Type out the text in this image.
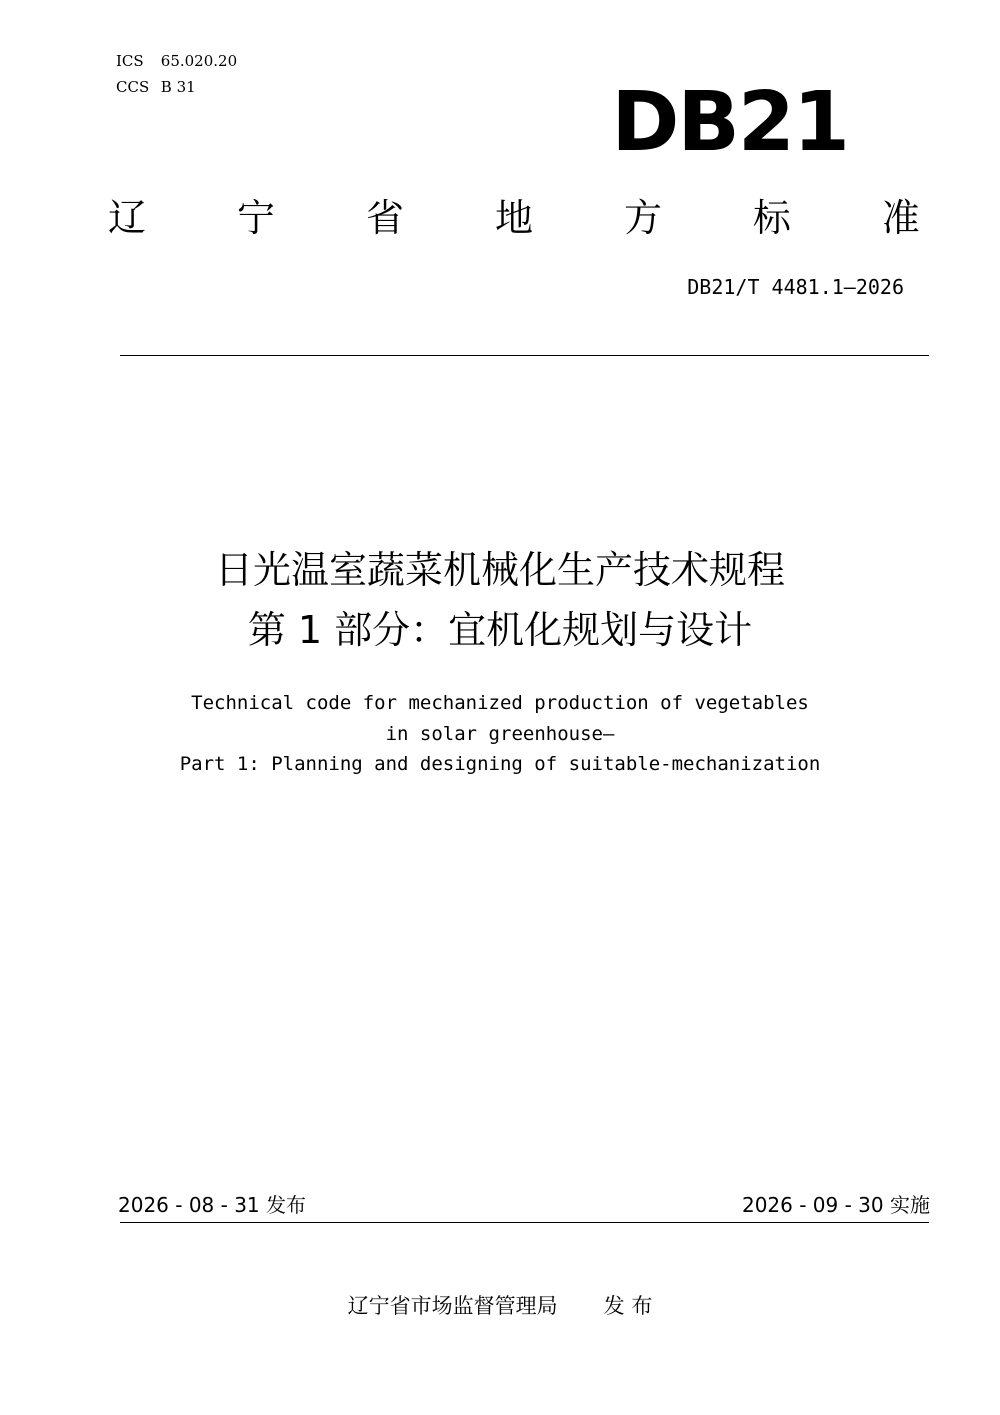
ICS 65.020.20
CCS B 31	DB21
辽 宁 省 地 方 标 准
DB21/T 4481.1—2026
日光温室蔬菜机械化生产技术规程
第 1 部分：宜机化规划与设计
Technical code for mechanized production of vegetables
in solar greenhouse—
Part 1: Planning and designing of suitable-mechanization
2026 - 08 - 31 发布	2026 - 09 - 30 实施
辽宁省市场监督管理局 发 布
